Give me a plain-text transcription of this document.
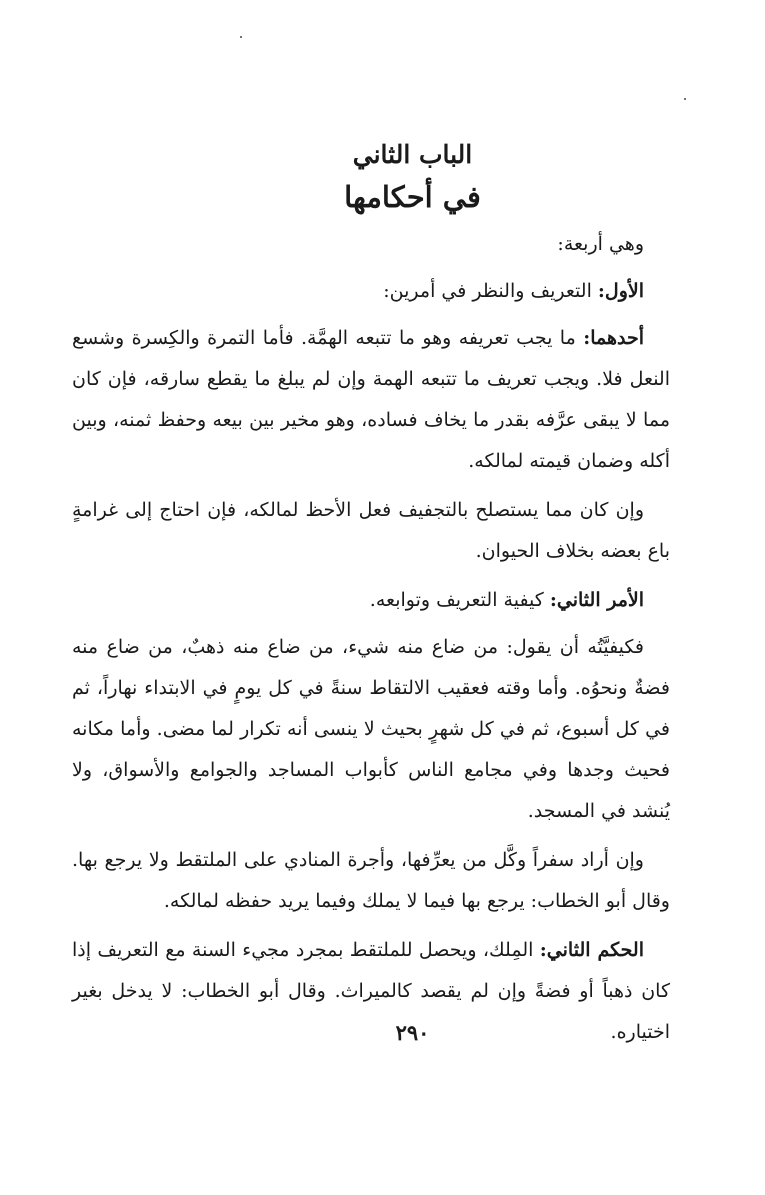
الباب الثاني
في أحكامها

وهي أربعة:

الأول: التعريف والنظر في أمرين:

أحدهما: ما يجب تعريفه وهو ما تتبعه الهمَّة. فأما التمرة والكِسرة وشسع النعل فلا. ويجب تعريف ما تتبعه الهمة وإن لم يبلغ ما يقطع سارقه، فإن كان مما لا يبقى عرَّفه بقدر ما يخاف فساده، وهو مخير بين بيعه وحفظ ثمنه، وبين أكله وضمان قيمته لمالكه.

وإن كان مما يستصلح بالتجفيف فعل الأحظ لمالكه، فإن احتاج إلى غرامةٍ باع بعضه بخلاف الحيوان.

الأمر الثاني: كيفية التعريف وتوابعه.

فكيفيَّتُه أن يقول: من ضاع منه شيء، من ضاع منه ذهبٌ، من ضاع منه فضةٌ ونحوُه. وأما وقته فعقيب الالتقاط سنةً في كل يومٍ في الابتداء نهاراً، ثم في كل أسبوع، ثم في كل شهرٍ بحيث لا ينسى أنه تكرار لما مضى. وأما مكانه فحيث وجدها وفي مجامع الناس كأبواب المساجد والجوامع والأسواق، ولا يُنشد في المسجد.

وإن أراد سفراً وكَّل من يعرِّفها، وأجرة المنادي على الملتقط ولا يرجع بها. وقال أبو الخطاب: يرجع بها فيما لا يملك وفيما يريد حفظه لمالكه.

الحكم الثاني: المِلك، ويحصل للملتقط بمجرد مجيء السنة مع التعريف إذا كان ذهباً أو فضةً وإن لم يقصد كالميراث. وقال أبو الخطاب: لا يدخل بغير اختياره.

٢٩٠
